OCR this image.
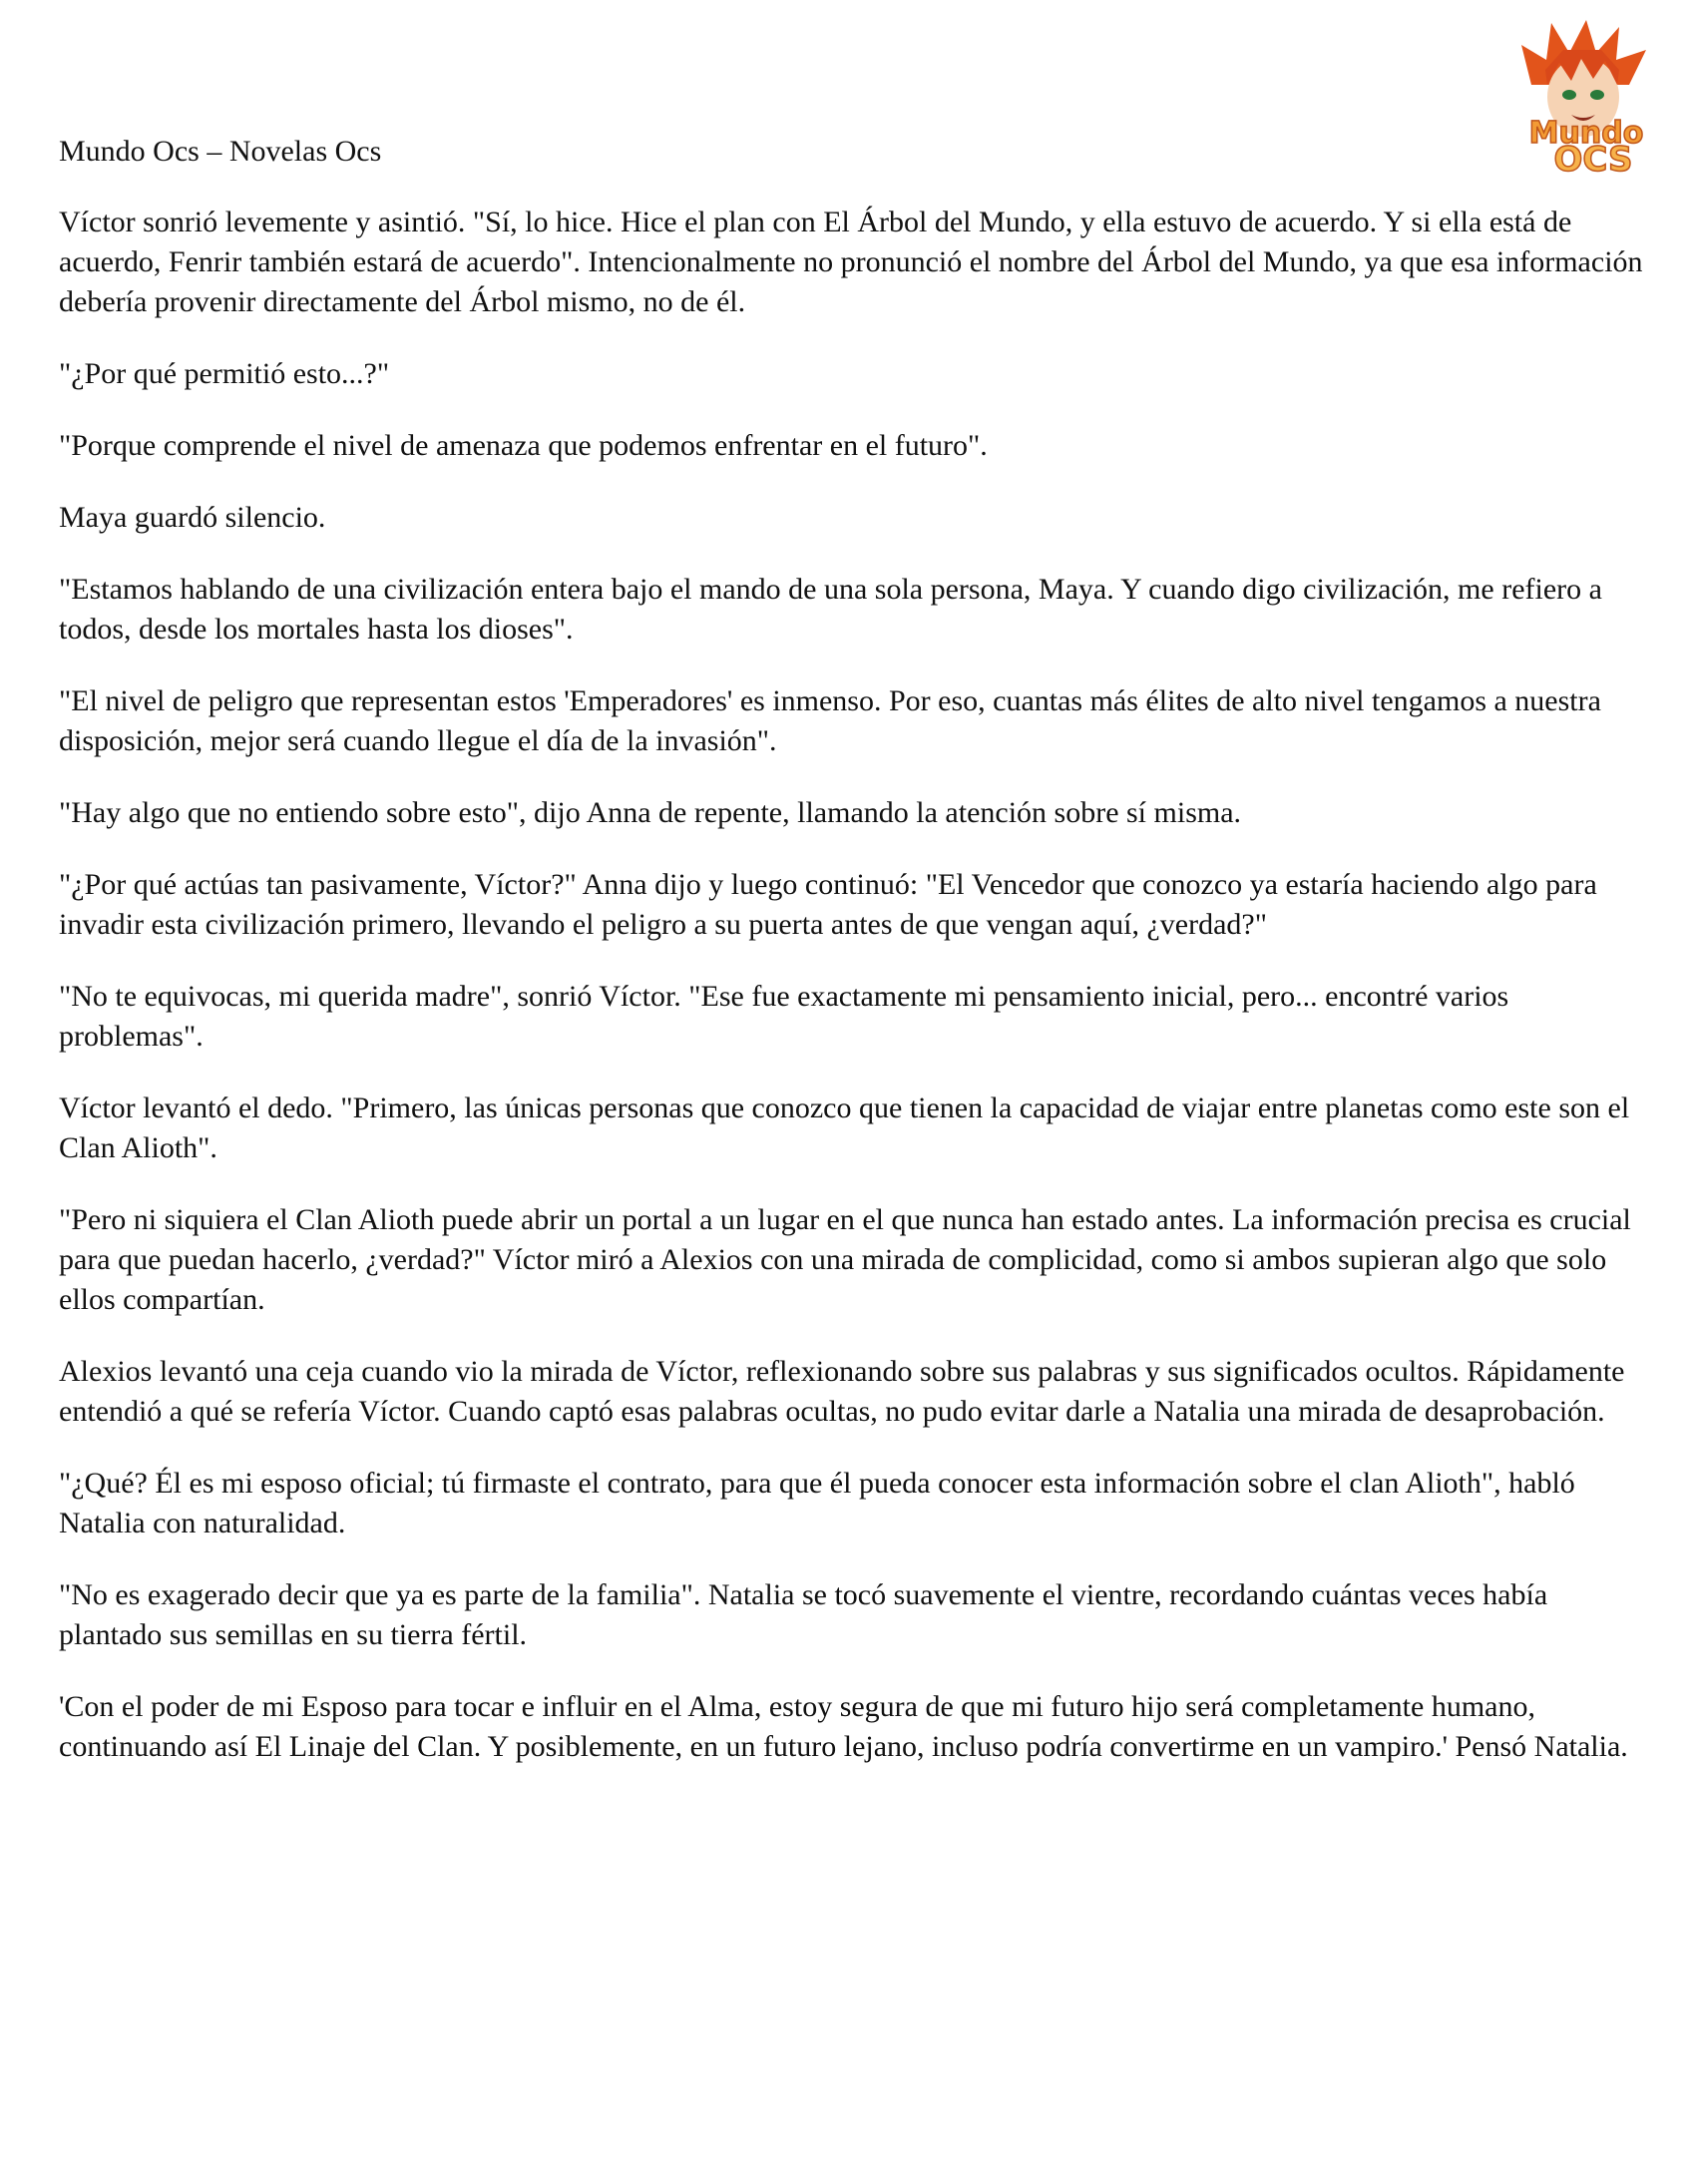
Mundo
OCS

Mundo Ocs – Novelas Ocs

Víctor sonrió levemente y asintió. "Sí, lo hice. Hice el plan con El Árbol del Mundo, y ella estuvo de acuerdo. Y si ella está de acuerdo, Fenrir también estará de acuerdo". Intencionalmente no pronunció el nombre del Árbol del Mundo, ya que esa información debería provenir directamente del Árbol mismo, no de él.

"¿Por qué permitió esto...?"

"Porque comprende el nivel de amenaza que podemos enfrentar en el futuro".

Maya guardó silencio.

"Estamos hablando de una civilización entera bajo el mando de una sola persona, Maya. Y cuando digo civilización, me refiero a todos, desde los mortales hasta los dioses".

"El nivel de peligro que representan estos 'Emperadores' es inmenso. Por eso, cuantas más élites de alto nivel tengamos a nuestra disposición, mejor será cuando llegue el día de la invasión".

"Hay algo que no entiendo sobre esto", dijo Anna de repente, llamando la atención sobre sí misma.

"¿Por qué actúas tan pasivamente, Víctor?" Anna dijo y luego continuó: "El Vencedor que conozco ya estaría haciendo algo para invadir esta civilización primero, llevando el peligro a su puerta antes de que vengan aquí, ¿verdad?"

"No te equivocas, mi querida madre", sonrió Víctor. "Ese fue exactamente mi pensamiento inicial, pero... encontré varios problemas".

Víctor levantó el dedo. "Primero, las únicas personas que conozco que tienen la capacidad de viajar entre planetas como este son el Clan Alioth".

"Pero ni siquiera el Clan Alioth puede abrir un portal a un lugar en el que nunca han estado antes. La información precisa es crucial para que puedan hacerlo, ¿verdad?" Víctor miró a Alexios con una mirada de complicidad, como si ambos supieran algo que solo ellos compartían.

Alexios levantó una ceja cuando vio la mirada de Víctor, reflexionando sobre sus palabras y sus significados ocultos. Rápidamente entendió a qué se refería Víctor. Cuando captó esas palabras ocultas, no pudo evitar darle a Natalia una mirada de desaprobación.

"¿Qué? Él es mi esposo oficial; tú firmaste el contrato, para que él pueda conocer esta información sobre el clan Alioth", habló Natalia con naturalidad.

"No es exagerado decir que ya es parte de la familia". Natalia se tocó suavemente el vientre, recordando cuántas veces había plantado sus semillas en su tierra fértil.

'Con el poder de mi Esposo para tocar e influir en el Alma, estoy segura de que mi futuro hijo será completamente humano, continuando así El Linaje del Clan. Y posiblemente, en un futuro lejano, incluso podría convertirme en un vampiro.' Pensó Natalia.
